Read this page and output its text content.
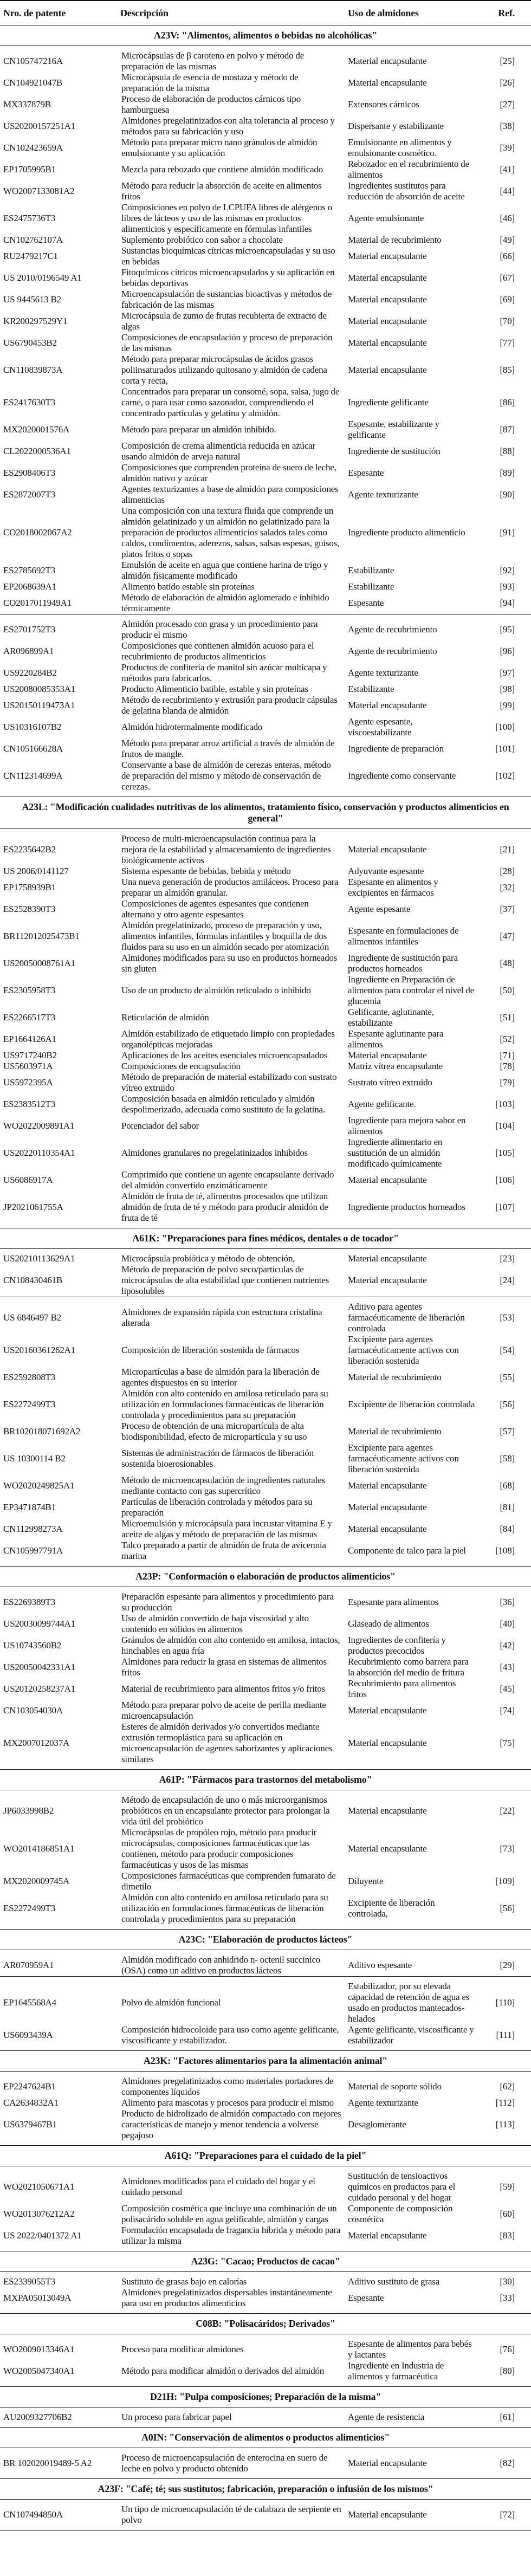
Nro. de patente	Descripción	Uso de almidones	Ref.
A23V: "Alimentos, alimentos o bebidas no alcohólicas"			
CN105747216A	Microcápsulas de β caroteno en polvo y método de preparación de las mismas	Material encapsulante	[25]
CN104921047B	Microcápsula de esencia de mostaza y método de preparación de la misma	Material encapsulante	[26]
MX337879B	Proceso de elaboración de productos cárnicos tipo hamburguesa	Extensores cárnicos	[27]
US20200157251A1	Almidones pregelatinizados con alta tolerancia al proceso y métodos para su fabricación y uso	Dispersante y estabilizante	[38]
CN102423659A	Método para preparar micro nano gránulos de almidón emulsionante y su aplicación	Emulsionante en alimentos y emulsionante cosmético.	[39]
EP1705995B1	Mezcla para rebozado que contiene almidón modificado	Rebozador en el recubrimiento de alimentos	[41]
WO2007133081A2	Método para reducir la absorción de aceite en alimentos fritos	Ingredientes sustitutos para reducción de absorción de aceite	[44]
ES2475736T3	Composiciones en polvo de LCPUFA libres de alérgenos o libres de lácteos y uso de las mismas en productos alimenticios y específicamente en fórmulas infantiles	Agente emulsionante	[46]
CN102762107A	Suplemento probiótico con sabor a chocolate	Material de recubrimiento	[49]
RU2479217C1	Sustancias bioquímicas cítricas microencapsuladas y su uso en bebidas	Material encapsulante	[66]
US 2010/0196549 A1	Fitoquímicos cítricos microencapsulados y su aplicación en bebidas deportivas	Material encapsulante	[67]
US 9445613 B2	Microencapsulación de sustancias bioactivas y métodos de fabricación de las mismas	Material encapsulante	[69]
KR200297529Y1	Microcápsula de zumo de frutas recubierta de extracto de algas	Material encapsulante	[70]
US6790453B2	Composiciones de encapsulación y proceso de preparación de las mismas	Material encapsulante	[77]
CN110839873A	Método para preparar microcápsulas de ácidos grasos poliinsaturados utilizando quitosano y almidón de cadena corta y recta,	Material encapsulante	[85]
ES2417630T3	Concentrados para preparar un consomé, sopa, salsa, jugo de carne, o para usar como sazonador, comprendiendo el concentrado partículas y gelatina y almidón.	Ingrediente gelificante	[86]
MX2020001576A	Método para preparar un almidón inhibido.	Espesante, estabilizante y gelificante	[87]
CL2022000536A1	Composición de crema alimenticia reducida en azúcar usando almidón de arveja natural	Ingrediente de sustitución	[88]
ES2908406T3	Composiciones que comprenden proteína de suero de leche, almidón nativo y azúcar	Espesante	[89]
ES2872007T3	Agentes texturizantes a base de almidón para composiciones alimenticias	Agente texturizante	[90]
CO2018002067A2	Una composición con una textura fluida que comprende un almidón gelatinizado y un almidón no gelatinizado para la preparación de productos alimenticios salados tales como caldos, condimentos, aderezos, salsas, salsas espesas, guisos, platos fritos o sopas	Ingrediente producto alimenticio	[91]
ES2785692T3	Emulsión de aceite en agua que contiene harina de trigo y almidón físicamente modificado	Estabilizante	[92]
EP2068639A1	Alimento batido estable sin proteínas	Estabilizante	[93]
CO2017011949A1	Método de elaboración de almidón aglomerado e inhibido térmicamente	Espesante	[94]
ES2701752T3	Almidón procesado con grasa y un procedimiento para producir el mismo	Agente de recubrimiento	[95]
AR096899A1	Composiciones que contienen almidón acuoso para el recubrimiento de productos alimenticios	Agente de recubrimiento	[96]
US9220284B2	Productos de confitería de manitol sin azúcar multicapa y métodos para fabricarlos.	Agente texturizante	[97]
US20080085353A1	Producto Alimenticio batible, estable y sin proteínas	Estabilizante	[98]
US20150119473A1	Método de recubrimiento y extrusión para producir cápsulas de gelatina blanda de almidón	Material encapsulante	[99]
US10316107B2	Almidón hidrotermalmente modificado	Agente espesante, viscoestabilizante	[100]
CN105166628A	Método para preparar arroz artificial a través de almidón de frutos de mangle.	Ingrediente de preparación	[101]
CN112314699A	Conservante a base de almidón de cerezas enteras, método de preparación del mismo y método de conservación de cerezas.	Ingrediente como conservante	[102]
A23L: "Modificación cualidades nutritivas de los alimentos, tratamiento físico, conservación y productos alimenticios en general"			
ES2235642B2	Proceso de multi-microencapsulación continua para la mejora de la estabilidad y almacenamiento de ingredientes biológicamente activos	Material encapsulante	[21]
US 2006/0141127	Sistema espesante de bebidas, bebida y método	Adyuvante espesante	[28]
EP1758939B1	Una nueva generación de productos amiláceos. Proceso para preparar un almidón granular.	Espesante en alimentos y excipientes en fármacos	[32]
ES2528390T3	Composiciones de agentes espesantes que contienen alternano y otro agente espesantes	Agente espesante	[37]
BR112012025473B1	Almidón pregelatinizado, proceso de preparación y uso, alimentos infantiles, fórmulas infantiles y boquilla de dos fluidos para su uso en un almidón secado por atomización	Espesante en formulaciones de alimentos infantiles	[47]
US20050008761A1	Almidones modificados para su uso en productos horneados sin gluten	Ingrediente de sustitución para productos horneados	[48]
ES2305958T3	Uso de un producto de almidón reticulado o inhibido	Ingrediente en Preparación de alimentos para controlar el nivel de glucemia	[50]
ES2266517T3	Reticulación de almidón	Gelificante, aglutinante, estabilizante	[51]
EP1664126A1	Almidón estabilizado de etiquetado limpio con propiedades organolépticas mejoradas	Espesante aglutinante para alimentos	[52]
US9717240B2	Aplicaciones de los aceites esenciales microencapsulados	Material encapsulante	[71]
US5603971A	Composiciones de encapsulación	Matriz vítrea encapsulante	[78]
US5972395A	Método de preparación de material estabilizado con sustrato vítreo extruido	Sustrato vítreo extruido	[79]
ES2383512T3	Composición basada en almidón reticulado y almidón despolimerizado, adecuada como sustituto de la gelatina.	Agente gelificante.	[103]
WO2022009891A1	Potenciador del sabor	Ingrediente para mejora sabor en alimentos	[104]
US20220110354A1	Almidones granulares no pregelatinizados inhibidos	Ingrediente alimentario en sustitución de un almidón modificado químicamente	[105]
US6086917A	Comprimido que contiene un agente encapsulante derivado del almidón convertido enzimáticamente	Material encapsulante	[106]
JP2021061755A	Almidón de fruta de té, alimentos procesados que utilizan almidón de fruta de té y método para producir almidón de fruta de té	Ingrediente productos horneados	[107]
A61K: "Preparaciones para fines médicos, dentales o de tocador"			
US20210113629A1	Microcápsula probiótica y método de obtención,	Material encapsulante	[23]
CN108430461B	Método de preparación de polvo seco/partículas de microcápsulas de alta estabilidad que contienen nutrientes liposolubles	Material encapsulante	[24]
US 6846497 B2	Almidones de expansión rápida con estructura cristalina alterada	Aditivo para agentes farmacéuticamente de liberación controlada	[53]
US20160361262A1	Composición de liberación sostenida de fármacos	Excipiente para agentes farmacéuticamente activos con liberación sostenida	[54]
ES2592808T3	Micropartículas a base de almidón para la liberación de agentes dispuestos en su interior	Material de recubrimiento	[55]
ES2272499T3	Almidón con alto contenido en amilosa reticulado para su utilización en formulaciones farmacéuticas de liberación controlada y procedimientos para su preparación	Excipiente de liberación controlada	[56]
BR102018071692A2	Proceso de obtención de una micropartícula de alta biodisponibilidad, efecto de micropartícula y su uso	Material de recubrimiento	[57]
US 10300114 B2	Sistemas de administración de fármacos de liberación sostenida bioerosionables	Excipiente para agentes farmacéuticamente activos con liberación sostenida	[58]
WO2020249825A1	Método de microencapsulación de ingredientes naturales mediante contacto con gas supercrítico	Material encapsulante	[68]
EP3471874B1	Partículas de liberación controlada y métodos para su preparación	Material encapsulante	[81]
CN112998273A	Microemulsión y microcápsula para incrustar vitamina E y aceite de algas y método de preparación de las mismas	Material encapsulante	[84]
CN105997791A	Talco preparado a partir de almidón de fruta de avicennia marina	Componente de talco para la piel	[108]
A23P: "Conformación o elaboración de productos alimenticios"			
ES2269389T3	Preparación espesante para alimentos y procedimiento para su producción	Espesante para alimentos	[36]
US20030099744A1	Uso de almidón convertido de baja viscosidad y alto contenido en sólidos en alimentos	Glaseado de alimentos	[40]
US10743560B2	Gránulos de almidón con alto contenido en amilosa, intactos, hinchables en agua fría	Ingredientes de confitería y productos precocidos	[42]
US20050042331A1	Almidones para reducir la grasa en sistemas de alimentos fritos	Recubrimiento como barrera para la absorción del medio de fritura	[43]
US20120258237A1	Material de recubrimiento para alimentos fritos y/o fritos	Recubrimiento para alimentos fritos	[45]
CN103054030A	Método para preparar polvo de aceite de perilla mediante microencapsulación	Material encapsulante	[74]
MX2007012037A	Esteres de almidón derivados y/o convertidos mediante extrusión termoplástica para su aplicación en microencapsulación de agentes saborizantes y aplicaciones similares	Material encapsulante	[75]
A61P: "Fármacos para trastornos del metabolismo"			
JP6033998B2	Método de encapsulación de uno o más microorganismos probióticos en un encapsulante protector para prolongar la vida útil del probiótico	Material encapsulante	[22]
WO2014186851A1	Microcápsulas de propóleo rojo, método para producir microcápsulas, composiciones farmacéuticas que las contienen, método para producir composiciones farmacéuticas y usos de las mismas	Material encapsulante	[73]
MX2020009745A	Composiciones farmacéuticas que comprenden fumarato de dimetilo	Diluyente	[109]
ES2272499T3	Almidón con alto contenido en amilosa reticulado para su utilización en formulaciones farmacéuticas de liberación controlada y procedimientos para su preparación	Excipiente de liberación controlada,	[56]
A23C: "Elaboración de productos lácteos"			
AR070959A1	Almidón modificado con anhidrido n- octenil succinico (OSA) como un aditivo en productos lácteos	Aditivo espesante	[29]
EP1645568A4	Polvo de almidón funcional	Estabilizador, por su elevada capacidad de retención de agua es usado en productos mantecados-helados	[110]
US6093439A	Composición hidrocoloide para uso como agente gelificante, viscosificante y estabilizador.	Agente gelificante, viscosificante y estabilizador	[111]
A23K: "Factores alimentarios para la alimentación animal"			
EP2247624B1	Almidones pregelatinizados como materiales portadores de componentes líquidos	Material de soporte sólido	[62]
CA2634832A1	Alimento para mascotas y procesos para producir el mismo	Agente texturizante	[112]
US6379467B1	Producto de hidrolizado de almidón compactado con mejores características de manejo y menor tendencia a volverse pegajoso	Desaglomerante	[113]
A61Q: "Preparaciones para el cuidado de la piel"			
WO2021050671A1	Almidones modificados para el cuidado del hogar y el cuidado personal	Sustitución de tensioactivos químicos en productos para el cuidado personal y del hogar	[59]
WO2013076212A2	Composición cosmética que incluye una combinación de un polisacárido soluble en agua gelificable, almidón y cargas	Componente de composición cosmética	[60]
US 2022/0401372 A1	Formulación encapsulada de fragancia híbrida y método para utilizar la misma	Material encapsulante	[83]
A23G: "Cacao; Productos de cacao"			
ES2339055T3	Sustituto de grasas bajo en calorías	Aditivo sustituto de grasa	[30]
MXPA05013049A	Almidones pregelatinizados dispersables instantáneamente para uso en productos alimenticios	Espesante	[33]
C08B: "Polisacáridos; Derivados"			
WO2009013346A1	Proceso para modificar almidones	Espesante de alimentos para bebés y lactantes	[76]
WO2005047340A1	Método para modificar almidón o derivados del almidón	Ingrediente en Industria de alimentos y farmacéutica	[80]
D21H: "Pulpa composiciones; Preparación de la misma"			
AU2009327706B2	Un proceso para fabricar papel	Agente de resistencia	[61]
A0IN: "Conservación de alimentos o productos alimenticios"			
BR 102020019489-5 A2	Proceso de microencapsulación de enterocina en suero de leche en polvo y producto obtenido	Material encapsulante	[82]
A23F: "Café; té; sus sustitutos; fabricación, preparación o infusión de los mismos"			
CN107494850A	Un tipo de microencapsulación té de calabaza de serpiente en polvo	Material encapsulante	[72]
